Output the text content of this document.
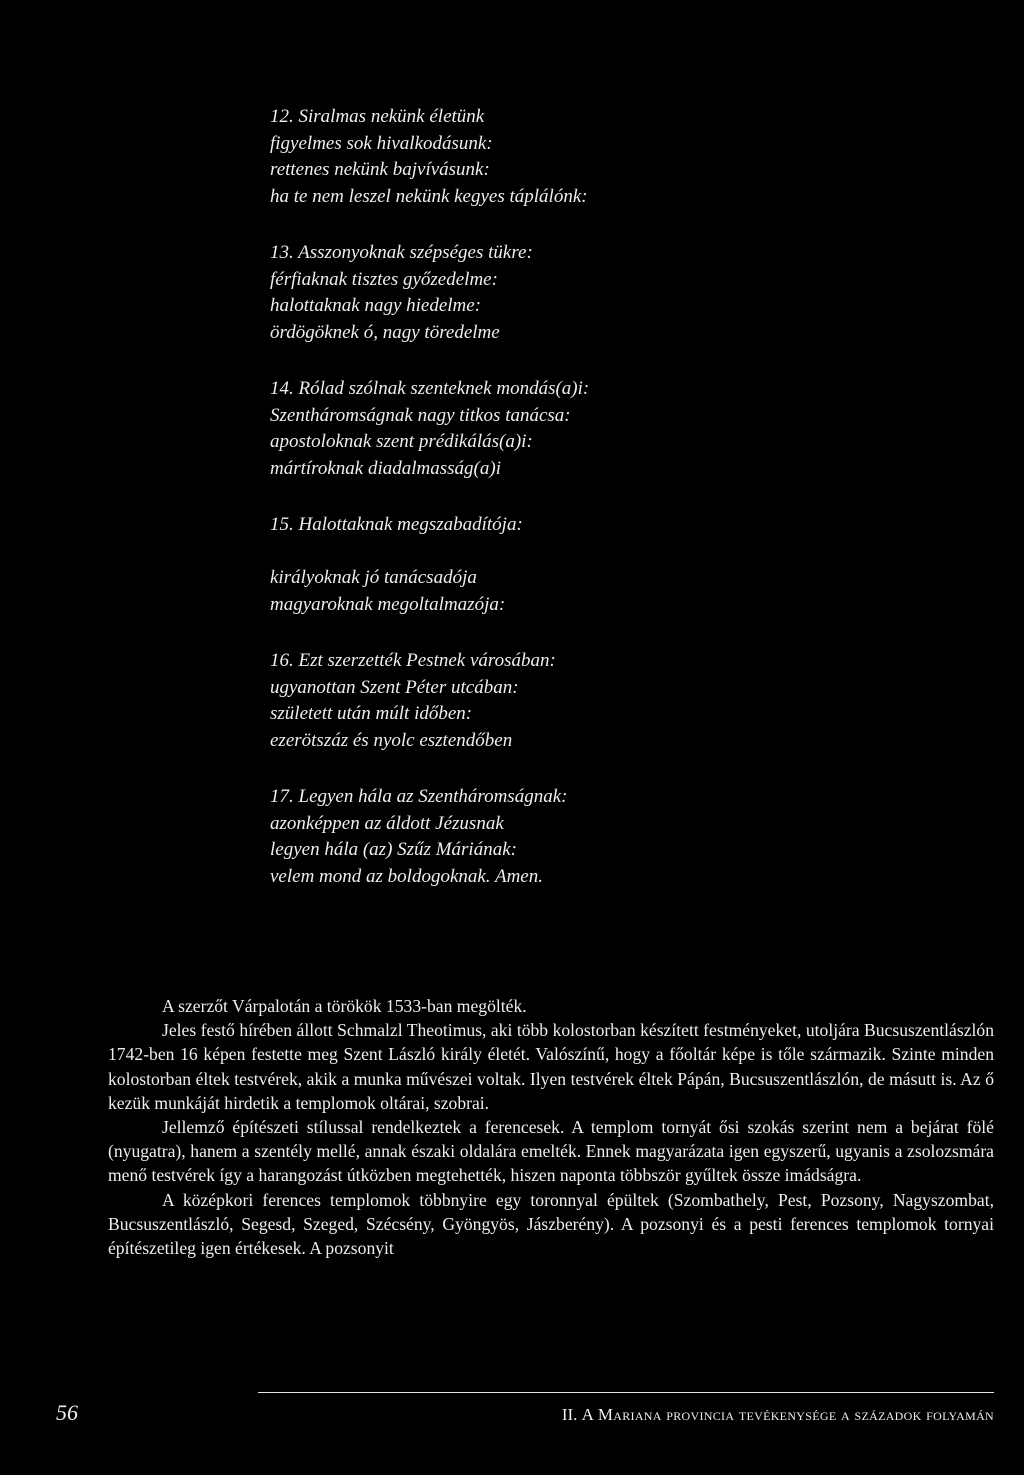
12. Siralmas nekünk életünk
figyelmes sok hivalkodásunk:
rettenes nekünk bajvívásunk:
ha te nem leszel nekünk kegyes táplálónk:
13. Asszonyoknak szépséges tükre:
férfiaknak tisztes győzedelme:
halottaknak nagy hiedelme:
ördögöknek ó, nagy töredelme
14. Rólad szólnak szenteknek mondás(a)i:
Szentháromságnak nagy titkos tanácsa:
apostoloknak szent prédikálás(a)i:
mártíroknak diadalmasság(a)i
15. Halottaknak megszabadítója:
királyoknak jó tanácsadója
magyaroknak megoltalmazója:
16. Ezt szerzették Pestnek városában:
ugyanottan Szent Péter utcában:
született után múlt időben:
ezerötszáz és nyolc esztendőben
17. Legyen hála az Szentháromságnak:
azonképpen az áldott Jézusnak
legyen hála (az) Szűz Máriának:
velem mond az boldogoknak. Amen.

A szerzőt Várpalotán a törökök 1533-ban megölték.

Jeles festő hírében állott Schmalzl Theotimus, aki több kolostorban készített festményeket, utoljára Bucsuszentlászlón 1742-ben 16 képen festette meg Szent László király életét. Valószínű, hogy a főoltár képe is tőle származik. Szinte minden kolostorban éltek testvérek, akik a munka művészei voltak. Ilyen testvérek éltek Pápán, Bucsuszentlászlón, de másutt is. Az ő kezük munkáját hirdetik a templomok oltárai, szobrai.

Jellemző építészeti stílussal rendelkeztek a ferencesek. A templom tornyát ősi szokás szerint nem a bejárat fölé (nyugatra), hanem a szentély mellé, annak északi oldalára emelték. Ennek magyarázata igen egyszerű, ugyanis a zsolozsmára menő testvérek így a harangozást útközben megtehették, hiszen naponta többször gyűltek össze imádságra.

A középkori ferences templomok többnyire egy toronnyal épültek (Szombathely, Pest, Pozsony, Nagyszombat, Bucsuszentlászló, Segesd, Szeged, Szécsény, Gyöngyös, Jászberény). A pozsonyi és a pesti ferences templomok tornyai építészetileg igen értékesek. A pozsonyit

56	II. A Mariana provincia tevékenysége a századok folyamán
